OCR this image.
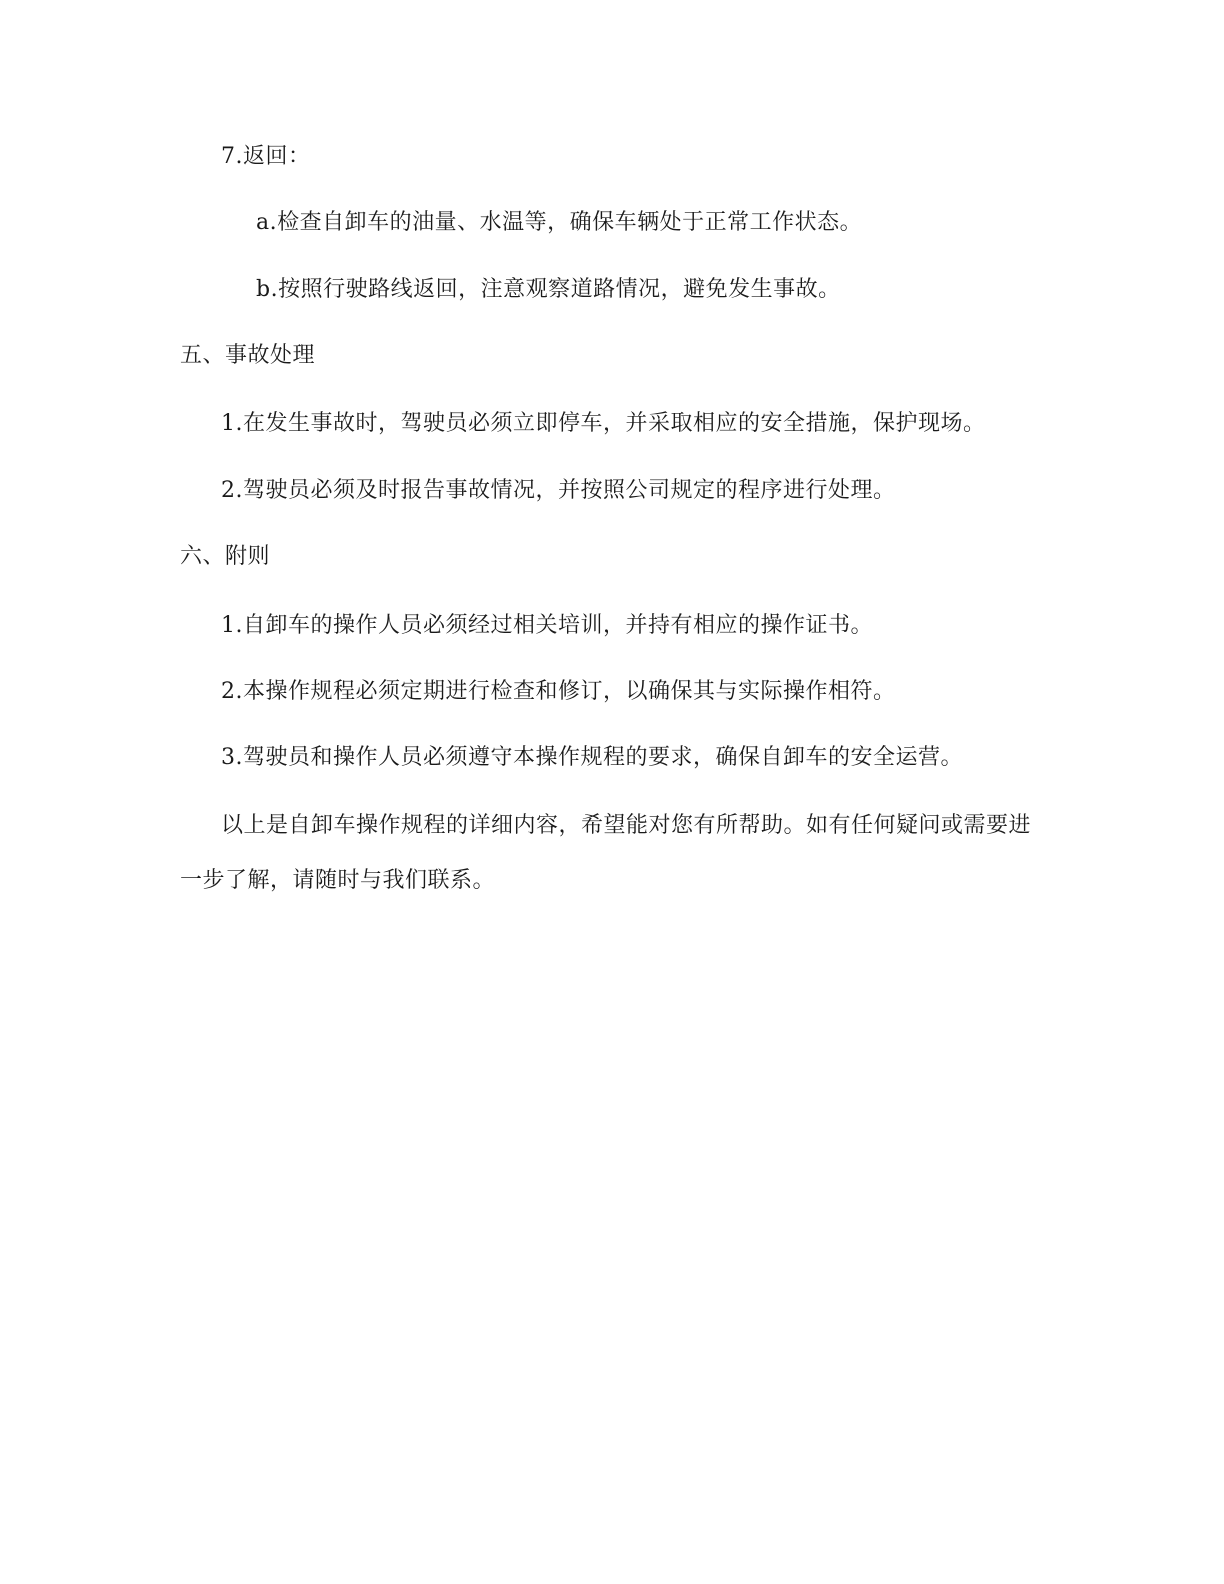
7.返回：
a.检查自卸车的油量、水温等，确保车辆处于正常工作状态。
b.按照行驶路线返回，注意观察道路情况，避免发生事故。
五、事故处理
1.在发生事故时，驾驶员必须立即停车，并采取相应的安全措施，保护现场。
2.驾驶员必须及时报告事故情况，并按照公司规定的程序进行处理。
六、附则
1.自卸车的操作人员必须经过相关培训，并持有相应的操作证书。
2.本操作规程必须定期进行检查和修订，以确保其与实际操作相符。
3.驾驶员和操作人员必须遵守本操作规程的要求，确保自卸车的安全运营。
以上是自卸车操作规程的详细内容，希望能对您有所帮助。如有任何疑问或需要进一步了解，请随时与我们联系。
